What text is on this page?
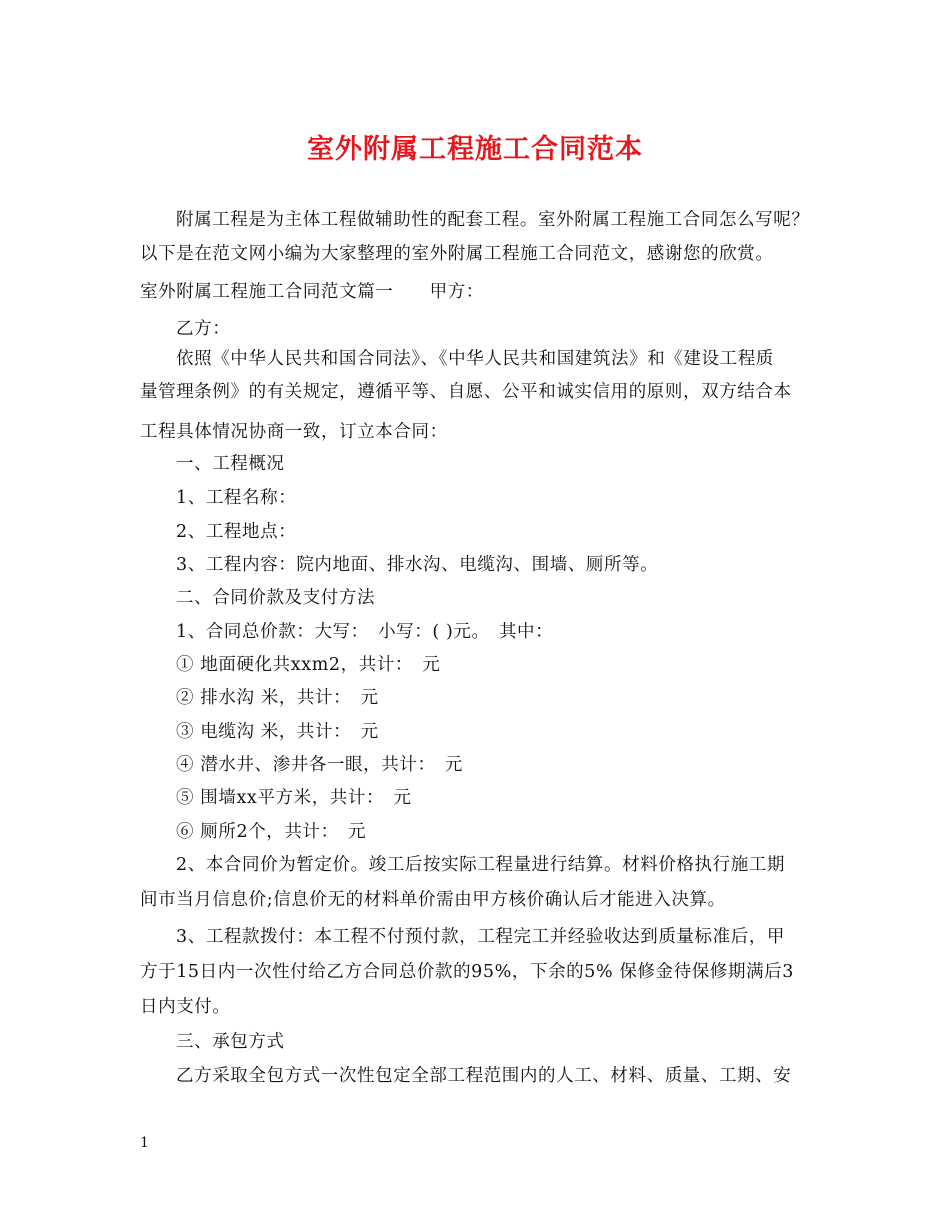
室外附属工程施工合同范本
附属工程是为主体工程做辅助性的配套工程。室外附属工程施工合同怎么写呢？
以下是在范文网小编为大家整理的室外附属工程施工合同范文，感谢您的欣赏。
室外附属工程施工合同范文篇一　　甲方：
乙方：
依照《中华人民共和国合同法》、《中华人民共和国建筑法》和《建设工程质
量管理条例》的有关规定，遵循平等、自愿、公平和诚实信用的原则，双方结合本
工程具体情况协商一致，订立本合同：
一、工程概况
1、工程名称：
2、工程地点：
3、工程内容：院内地面、排水沟、电缆沟、围墙、厕所等。
二、合同价款及支付方法
1、合同总价款：大写：　小写：( )元。　其中：
① 地面硬化共xxm2，共计：　元
② 排水沟 米，共计：　元
③ 电缆沟 米，共计：　元
④ 潜水井、渗井各一眼，共计：　元
⑤ 围墙xx平方米，共计：　元
⑥ 厕所2个，共计：　元
2、本合同价为暂定价。竣工后按实际工程量进行结算。材料价格执行施工期
间市当月信息价;信息价无的材料单价需由甲方核价确认后才能进入决算。
3、工程款拨付：本工程不付预付款，工程完工并经验收达到质量标准后，甲
方于15日内一次性付给乙方合同总价款的95%，下余的5% 保修金待保修期满后3
日内支付。
三、承包方式
乙方采取全包方式一次性包定全部工程范围内的人工、材料、质量、工期、安
1
